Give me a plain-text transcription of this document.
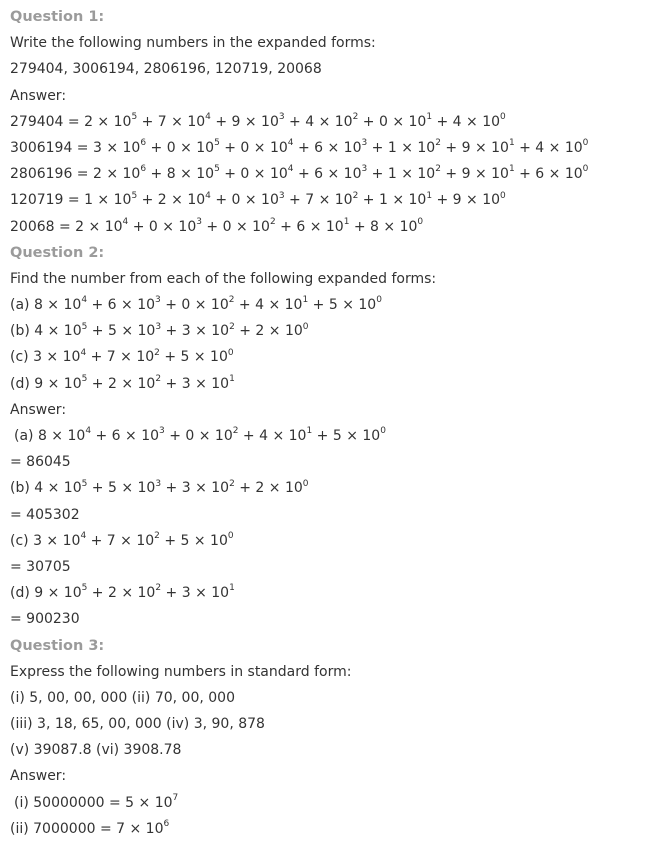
Question 1:
Write the following numbers in the expanded forms:
279404, 3006194, 2806196, 120719, 20068
Answer:
$279404 = 2 \times 10^5 + 7 \times 10^4 + 9 \times 10^3 + 4 \times 10^2 + 0 \times 10^1 + 4 \times 10^0$
$3006194 = 3 \times 10^6 + 0 \times 10^5 + 0 \times 10^4 + 6 \times 10^3 + 1 \times 10^2 + 9 \times 10^1 + 4 \times 10^0$
$2806196 = 2 \times 10^6 + 8 \times 10^5 + 0 \times 10^4 + 6 \times 10^3 + 1 \times 10^2 + 9 \times 10^1 + 6 \times 10^0$
$120719 = 1 \times 10^5 + 2 \times 10^4 + 0 \times 10^3 + 7 \times 10^2 + 1 \times 10^1 + 9 \times 10^0$
$20068 = 2 \times 10^4 + 0 \times 10^3 + 0 \times 10^2 + 6 \times 10^1 + 8 \times 10^0$
Question 2:
Find the number from each of the following expanded forms:
(a) $8 \times 10^4 + 6 \times 10^3 + 0 \times 10^2 + 4 \times 10^1 + 5 \times 10^0$
(b) $4 \times 10^5 + 5 \times 10^3 + 3 \times 10^2 + 2 \times 10^0$
(c) $3 \times 10^4 + 7 \times 10^2 + 5 \times 10^0$
(d) $9 \times 10^5 + 2 \times 10^2 + 3 \times 10^1$
Answer:
(a) $8 \times 10^4 + 6 \times 10^3 + 0 \times 10^2 + 4 \times 10^1 + 5 \times 10^0$
= 86045
(b) $4 \times 10^5 + 5 \times 10^3 + 3 \times 10^2 + 2 \times 10^0$
= 405302
(c) $3 \times 10^4 + 7 \times 10^2 + 5 \times 10^0$
= 30705
(d) $9 \times 10^5 + 2 \times 10^2 + 3 \times 10^1$
= 900230
Question 3:
Express the following numbers in standard form:
(i) 5, 00, 00, 000 (ii) 70, 00, 000
(iii) 3, 18, 65, 00, 000 (iv) 3, 90, 878
(v) 39087.8 (vi) 3908.78
Answer:
(i) $50000000 = 5 \times 10^7$
(ii) $7000000 = 7 \times 10^6$
